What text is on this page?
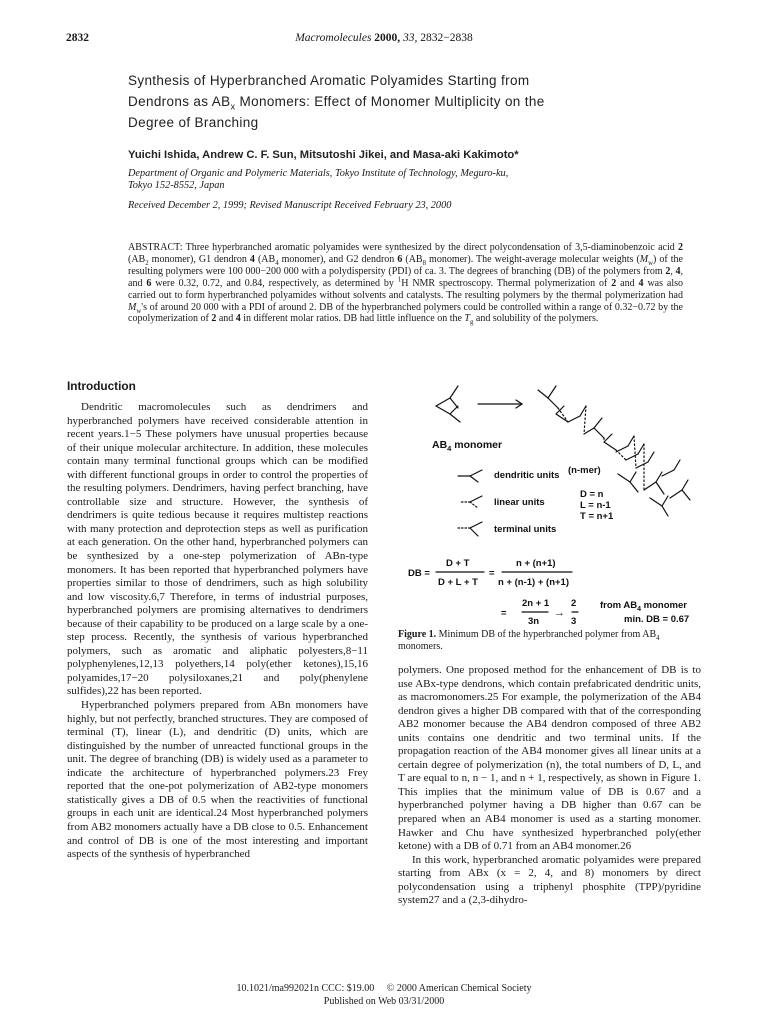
2832	Macromolecules 2000, 33, 2832−2838
Synthesis of Hyperbranched Aromatic Polyamides Starting from
Dendrons as $AB_x$ Monomers: Effect of Monomer Multiplicity on the
Degree of Branching
Yuichi Ishida, Andrew C. F. Sun, Mitsutoshi Jikei, and Masa-aki Kakimoto*
Department of Organic and Polymeric Materials, Tokyo Institute of Technology, Meguro-ku,
Tokyo 152-8552, Japan
Received December 2, 1999; Revised Manuscript Received February 23, 2000

ABSTRACT: Three hyperbranched aromatic polyamides were synthesized by the direct polycondensation of 3,5-diaminobenzoic acid 2 ($AB_2$ monomer), G1 dendron 4 ($AB_4$ monomer), and G2 dendron 6 ($AB_8$ monomer). The weight-average molecular weights $(M_w)$ of the resulting polymers were 100 000−200 000 with a polydispersity (PDI) of ca. 3. The degrees of branching (DB) of the polymers from 2, 4, and 6 were 0.32, 0.72, and 0.84, respectively, as determined by $^1$H NMR spectroscopy. Thermal polymerization of 2 and 4 was also carried out to form hyperbranched polyamides without solvents and catalysts. The resulting polymers by the thermal polymerization had $M_w's$ of around 20 000 with a PDI of around 2. DB of the hyperbranched polymers could be controlled within a range of 0.32−0.72 by the copolymerization of 2 and 4 in different molar ratios. DB had little influence on the $T_g$ and solubility of the polymers.

Introduction

Dendritic macromolecules such as dendrimers and hyperbranched polymers have received considerable attention in recent years.1−5 These polymers have unusual properties because of their unique molecular architecture. In addition, these molecules contain many terminal functional groups which can be modified with different functional groups in order to control the properties of the resulting polymers. Dendrimers, having perfect branching, have controllable size and structure. However, the synthesis of dendrimers is quite tedious because it requires multistep reactions with many protection and deprotection steps as well as purification at each generation. On the other hand, hyperbranched polymers can be synthesized by a one-step polymerization of ABn-type monomers. It has been reported that hyperbranched polymers have properties similar to those of dendrimers, such as high solubility and low viscosity.6,7 Therefore, in terms of industrial purposes, hyperbranched polymers are promising alternatives to dendrimers because of their capability to be produced on a large scale by a one-step process. Recently, the synthesis of various hyperbranched polymers, such as aromatic and aliphatic polyesters,8−11 polyphenylenes,12,13 polyethers,14 poly(ether ketones),15,16 polyamides,17−20 polysiloxanes,21 and poly(phenylene sulfides),22 has been reported.

Hyperbranched polymers prepared from ABn monomers have highly, but not perfectly, branched structures. They are composed of terminal (T), linear (L), and dendritic (D) units, which are distinguished by the number of unreacted functional groups in the unit. The degree of branching (DB) is widely used as a parameter to indicate the architecture of hyperbranched polymers.23 Frey reported that the one-pot polymerization of AB2-type monomers statistically gives a DB of 0.5 when the reactivities of functional groups in each unit are identical.24 Most hyperbranched polymers from AB2 monomers actually have a DB close to 0.5. Enhancement and control of DB is one of the most interesting and important aspects of the synthesis of hyperbranched

$AB_4$ monomer
dendritic units (n-mer)
linear units
terminal units
D = n
L = n-1
T = n+1
DB =
D + T
D + L + T
=
n + (n+1)
n + (n-1) + (n+1)
=
2n + 1
3n
→
2
3
from $AB_4$ monomer
min. DB = 0.67
Figure 1. Minimum DB of the hyperbranched polymer from $AB_4$ monomers.

polymers. One proposed method for the enhancement of DB is to use ABx-type dendrons, which contain prefabricated dendritic units, as macromonomers.25 For example, the polymerization of the AB4 dendron gives a higher DB compared with that of the corresponding AB2 monomer because the AB4 dendron composed of three AB2 units contains one dendritic and two terminal units. If the propagation reaction of the AB4 monomer gives all linear units at a certain degree of polymerization (n), the total numbers of D, L, and T are equal to n, n − 1, and n + 1, respectively, as shown in Figure 1. This implies that the minimum value of DB is 0.67 and a hyperbranched polymer having a DB higher than 0.67 can be prepared when an AB4 monomer is used as a starting monomer. Hawker and Chu have synthesized hyperbranched poly(ether ketone) with a DB of 0.71 from an AB4 monomer.26

In this work, hyperbranched aromatic polyamides were prepared starting from ABx (x = 2, 4, and 8) monomers by direct polycondensation using a triphenyl phosphite (TPP)/pyridine system27 and a (2,3-dihydro-

10.1021/ma992021n CCC: $19.00     © 2000 American Chemical Society
Published on Web 03/31/2000
